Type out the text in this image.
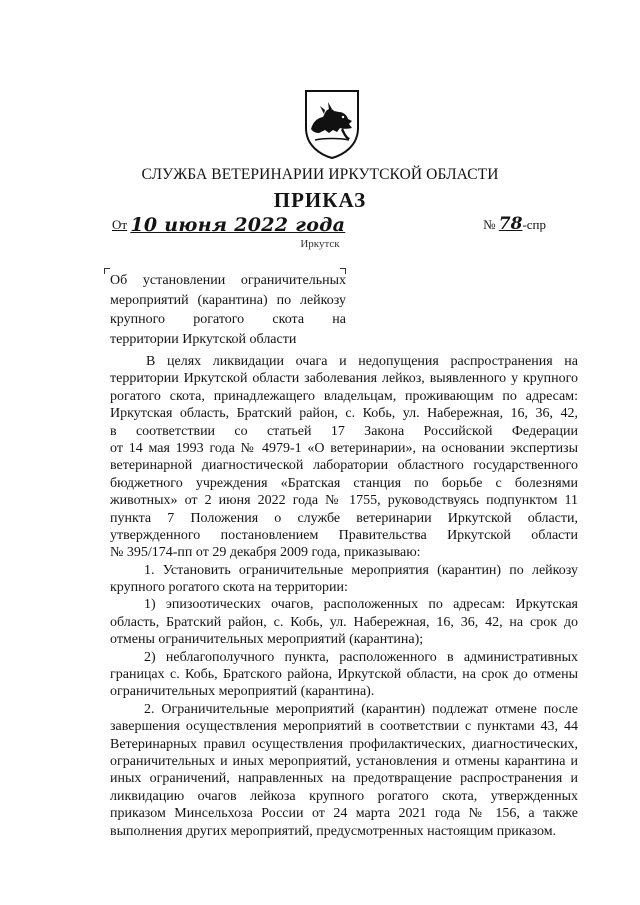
СЛУЖБА ВЕТЕРИНАРИИ ИРКУТСКОЙ ОБЛАСТИ
ПРИКАЗ
От 10 июня 2022 года	№ 78-спр
Иркутск
Об установлении ограничительных
мероприятий (карантина) по лейкозу
крупного рогатого скота на
территории Иркутской области
В целях ликвидации очага и недопущения распространения на
территории Иркутской области заболевания лейкоз, выявленного у крупного
рогатого скота, принадлежащего владельцам, проживающим по адресам:
Иркутская область, Братский район, с. Кобь, ул. Набережная, 16, 36, 42,
в соответствии со статьей 17 Закона Российской Федерации
от 14 мая 1993 года № 4979-1 «О ветеринарии», на основании экспертизы
ветеринарной диагностической лаборатории областного государственного
бюджетного учреждения «Братская станция по борьбе с болезнями
животных» от 2 июня 2022 года № 1755, руководствуясь подпунктом 11
пункта 7 Положения о службе ветеринарии Иркутской области,
утвержденного постановлением Правительства Иркутской области
№ 395/174-пп от 29 декабря 2009 года, приказываю:
1. Установить ограничительные мероприятия (карантин) по лейкозу
крупного рогатого скота на территории:
1) эпизоотических очагов, расположенных по адресам: Иркутская
область, Братский район, с. Кобь, ул. Набережная, 16, 36, 42, на срок до
отмены ограничительных мероприятий (карантина);
2) неблагополучного пункта, расположенного в административных
границах с. Кобь, Братского района, Иркутской области, на срок до отмены
ограничительных мероприятий (карантина).
2. Ограничительные мероприятий (карантин) подлежат отмене после
завершения осуществления мероприятий в соответствии с пунктами 43, 44
Ветеринарных правил осуществления профилактических, диагностических,
ограничительных и иных мероприятий, установления и отмены карантина и
иных ограничений, направленных на предотвращение распространения и
ликвидацию очагов лейкоза крупного рогатого скота, утвержденных
приказом Минсельхоза России от 24 марта 2021 года № 156, а также
выполнения других мероприятий, предусмотренных настоящим приказом.
